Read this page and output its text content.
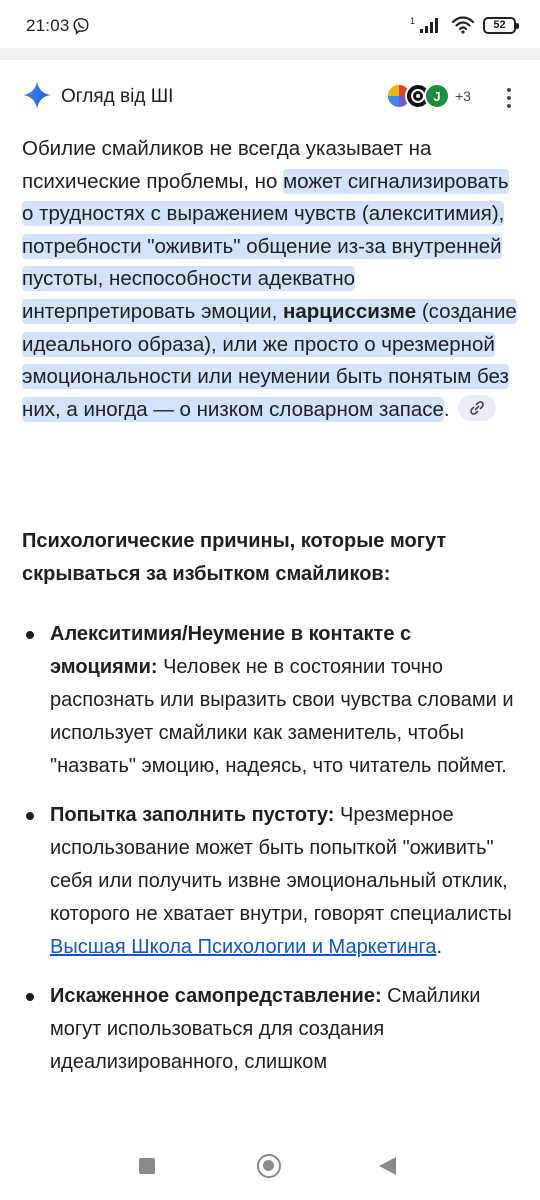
21:03	1	52
Огляд від ШІ	J	+3
Обилие смайликов не всегда указывает на психические проблемы, но может сигнализировать о трудностях с выражением чувств (алекситимия), потребности "оживить" общение из-за внутренней пустоты, неспособности адекватно интерпретировать эмоции, нарциссизме (создание идеального образа), или же просто о чрезмерной эмоциональности или неумении быть понятым без них, а иногда — о низком словарном запасе.
Психологические причины, которые могут скрываться за избытком смайликов:
Алекситимия/Неумение в контакте с эмоциями: Человек не в состоянии точно распознать или выразить свои чувства словами и использует смайлики как заменитель, чтобы "назвать" эмоцию, надеясь, что читатель поймет.
Попытка заполнить пустоту: Чрезмерное использование может быть попыткой "оживить" себя или получить извне эмоциональный отклик, которого не хватает внутри, говорят специалисты Высшая Школа Психологии и Маркетинга.
Искаженное самопредставление: Смайлики могут использоваться для создания идеализированного, слишком
